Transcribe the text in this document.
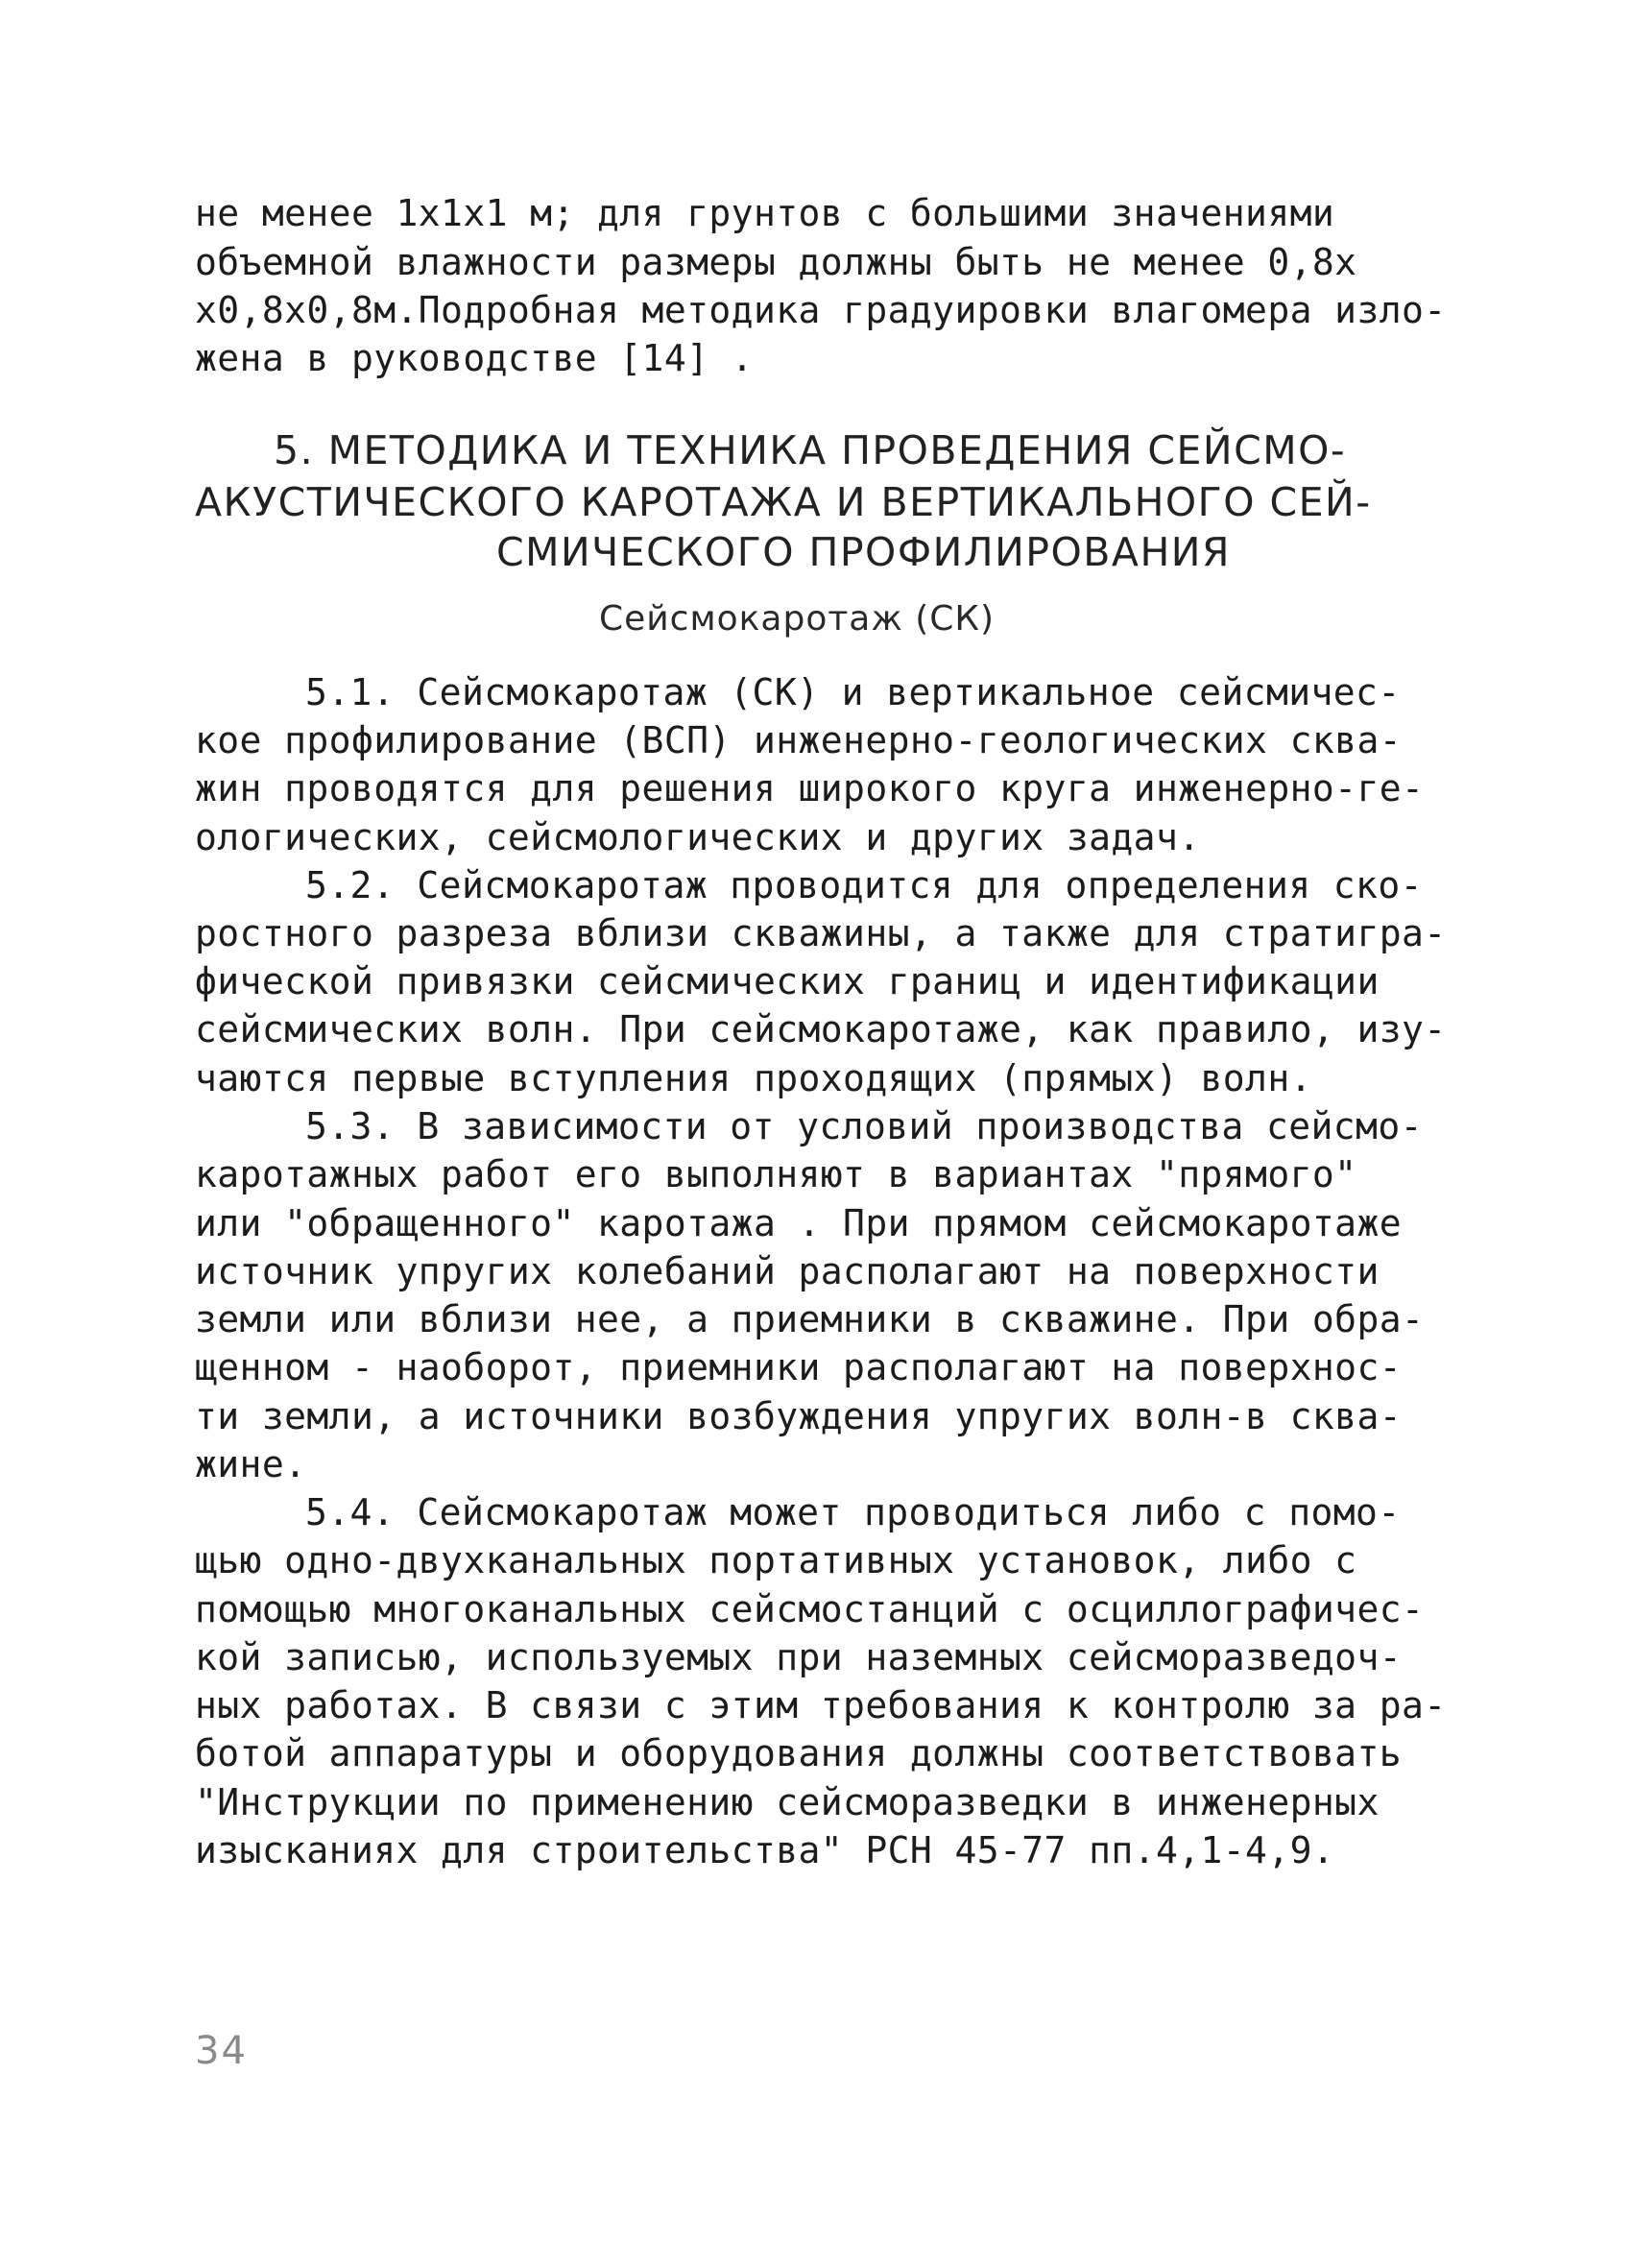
не менее 1x1x1 м; для грунтов с большими значениями
объемной влажности размеры должны быть не менее 0,8х
х0,8х0,8м.Подробная методика градуировки влагомера изло-
жена в руководстве [14] .
5. МЕТОДИКА И ТЕХНИКА ПРОВЕДЕНИЯ СЕЙСМО-
АКУСТИЧЕСКОГО КАРОТАЖА И ВЕРТИКАЛЬНОГО СЕЙ-
СМИЧЕСКОГО ПРОФИЛИРОВАНИЯ
Сейсмокаротаж (СК)
5.1. Сейсмокаротаж (СК) и вертикальное сейсмичес-
кое профилирование (ВСП) инженерно-геологических сква-
жин проводятся для решения широкого круга инженерно-ге-
ологических, сейсмологических и других задач.
5.2. Сейсмокаротаж проводится для определения ско-
ростного разреза вблизи скважины, а также для стратигра-
фической привязки сейсмических границ и идентификации
сейсмических волн. При сейсмокаротаже, как правило, изу-
чаются первые вступления проходящих (прямых) волн.
5.3. В зависимости от условий производства сейсмо-
каротажных работ его выполняют в вариантах "прямого"
или "обращенного" каротажа . При прямом сейсмокаротаже
источник упругих колебаний располагают на поверхности
земли или вблизи нее, а приемники в скважине. При обра-
щенном - наоборот, приемники располагают на поверхнос-
ти земли, а источники возбуждения упругих волн-в сква-
жине.
5.4. Сейсмокаротаж может проводиться либо с помо-
щью одно-двухканальных портативных установок, либо с
помощью многоканальных сейсмостанций с осциллографичес-
кой записью, используемых при наземных сейсморазведоч-
ных работах. В связи с этим требования к контролю за ра-
ботой аппаратуры и оборудования должны соответствовать
"Инструкции по применению сейсморазведки в инженерных
изысканиях для строительства" РСН 45-77 пп.4,1-4,9.
34
